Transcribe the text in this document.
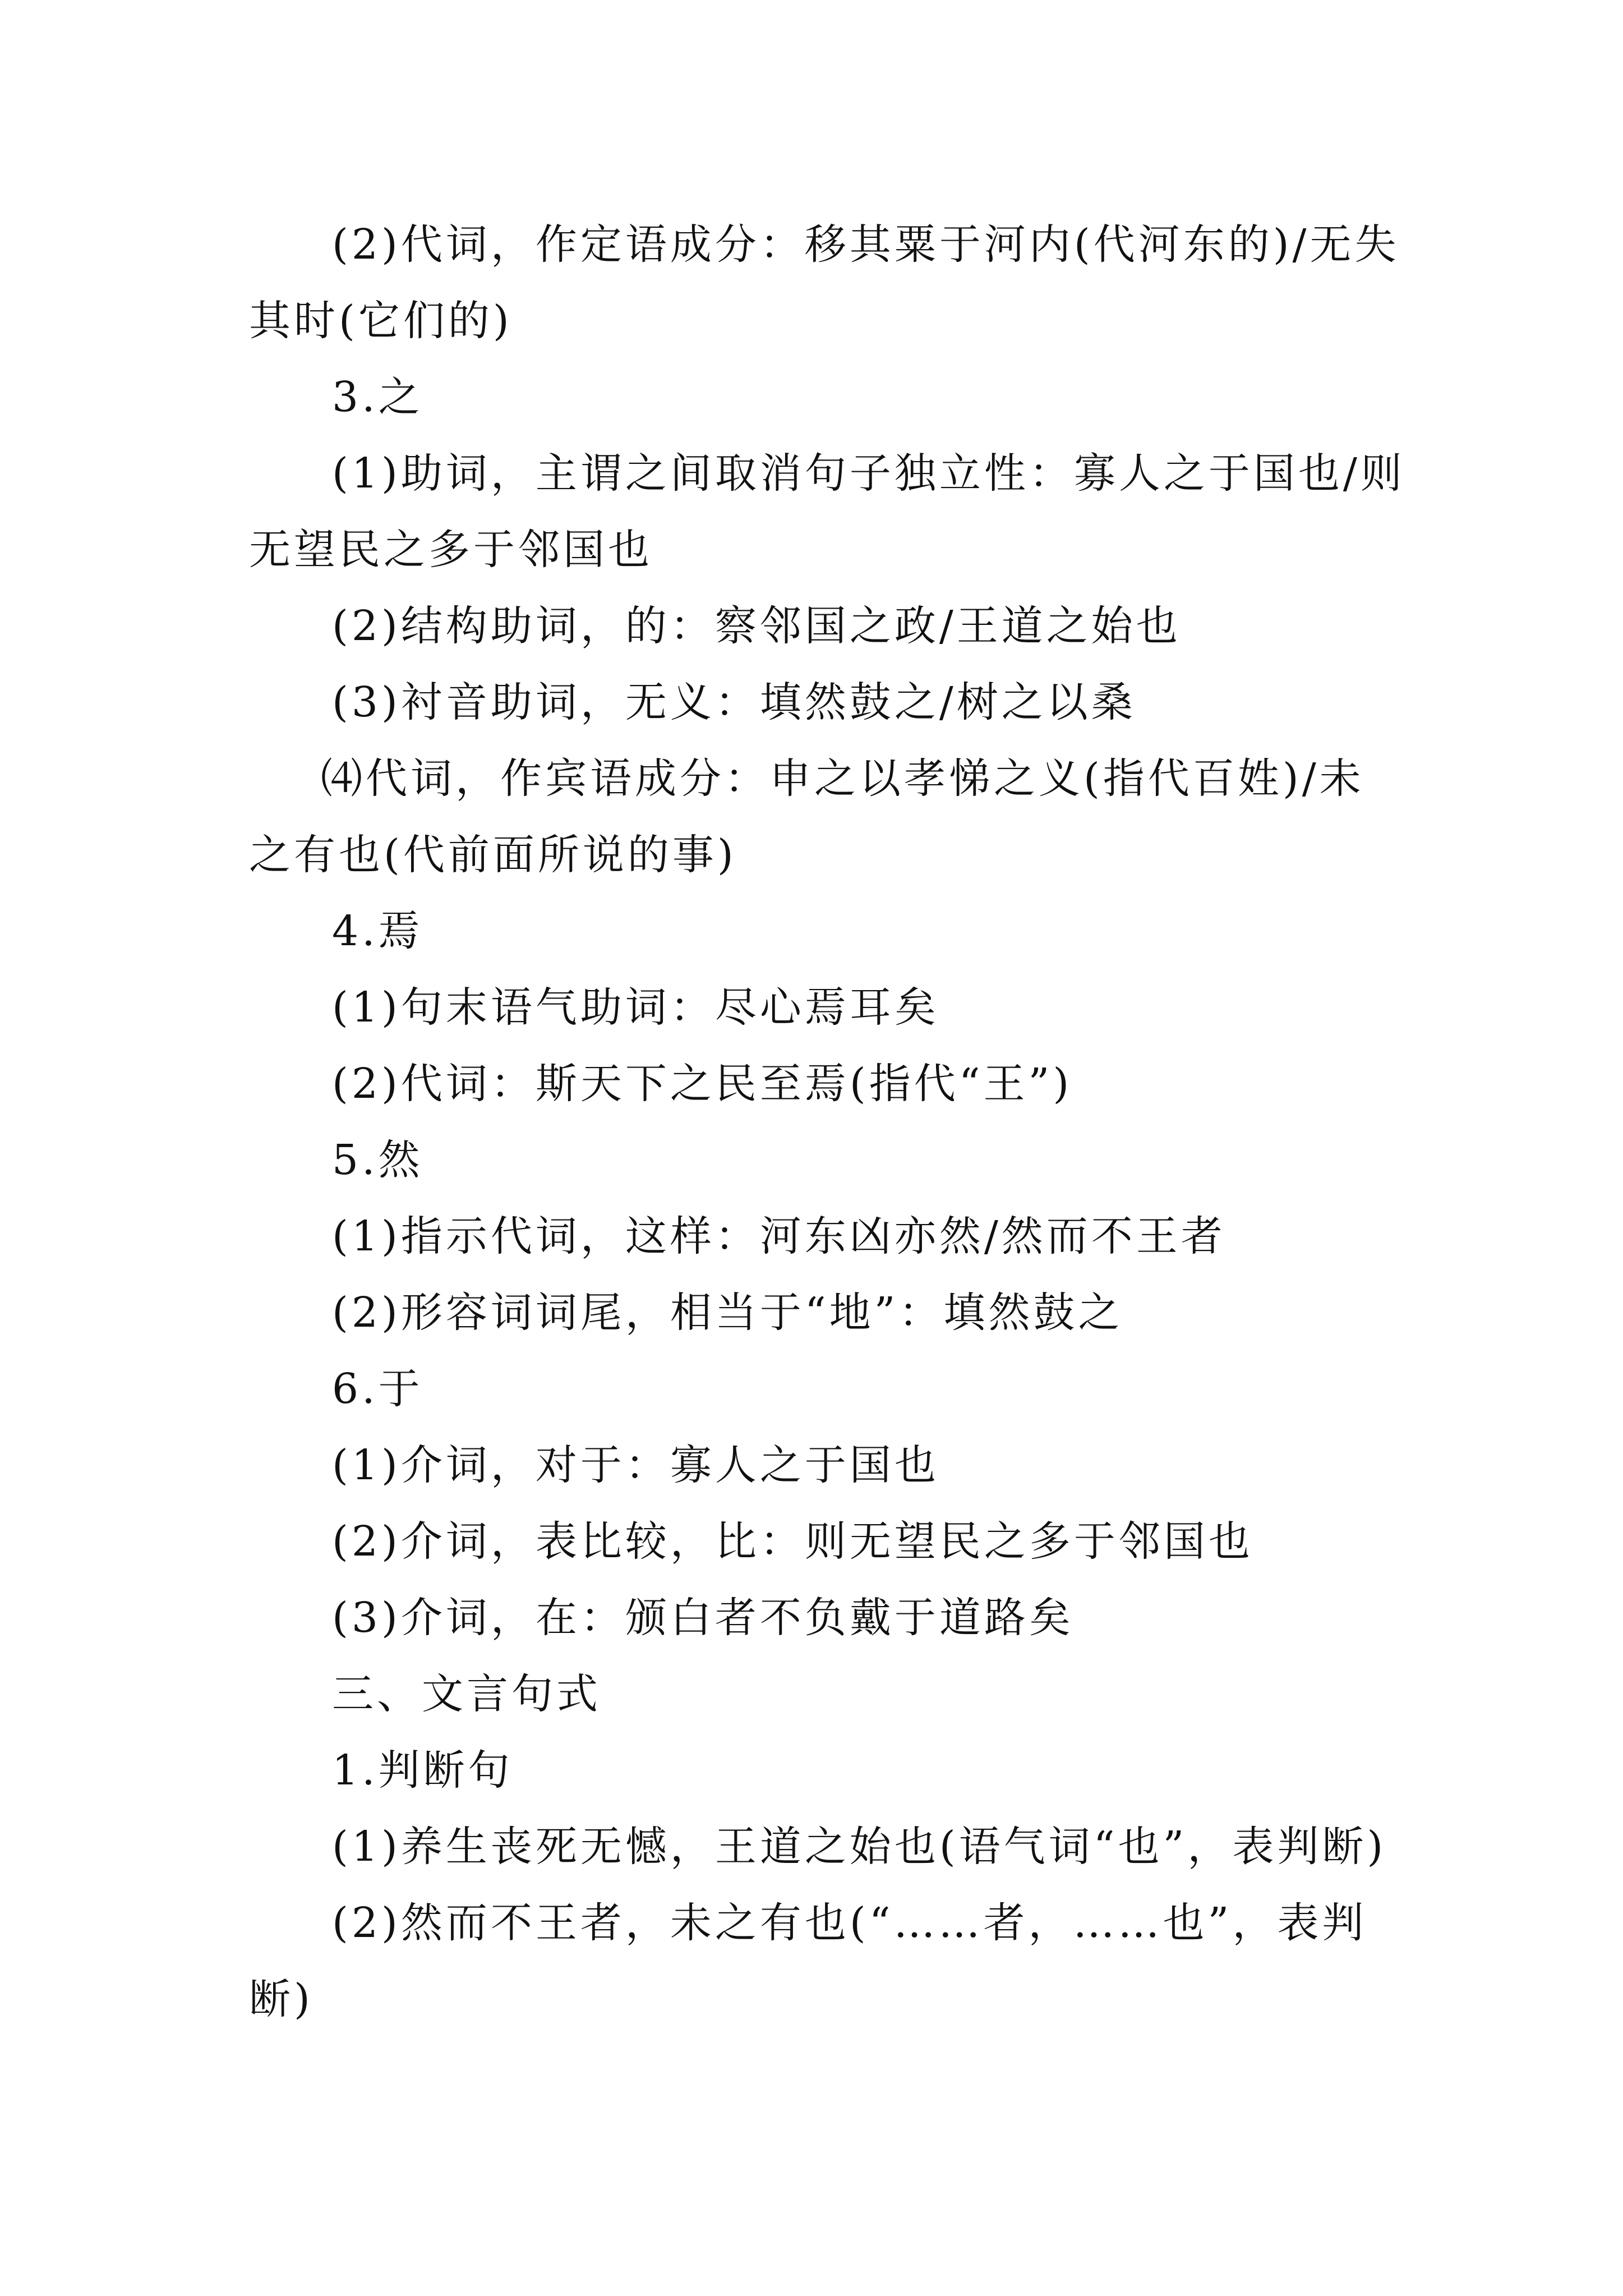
(2)代词，作定语成分：移其粟于河内(代河东的)/无失
其时(它们的)
3.之
(1)助词，主谓之间取消句子独立性：寡人之于国也/则
无望民之多于邻国也
(2)结构助词，的：察邻国之政/王道之始也
(3)衬音助词，无义：填然鼓之/树之以桑
⑷代词，作宾语成分：申之以孝悌之义(指代百姓)/未
之有也(代前面所说的事)
4.焉
(1)句末语气助词：尽心焉耳矣
(2)代词：斯天下之民至焉(指代“王”)
5.然
(1)指示代词，这样：河东凶亦然/然而不王者
(2)形容词词尾，相当于“地”：填然鼓之
6.于
(1)介词，对于：寡人之于国也
(2)介词，表比较，比：则无望民之多于邻国也
(3)介词，在：颁白者不负戴于道路矣
三、文言句式
1.判断句
(1)养生丧死无憾，王道之始也(语气词“也”，表判断)
(2)然而不王者，未之有也(“……者，……也”，表判
断)
